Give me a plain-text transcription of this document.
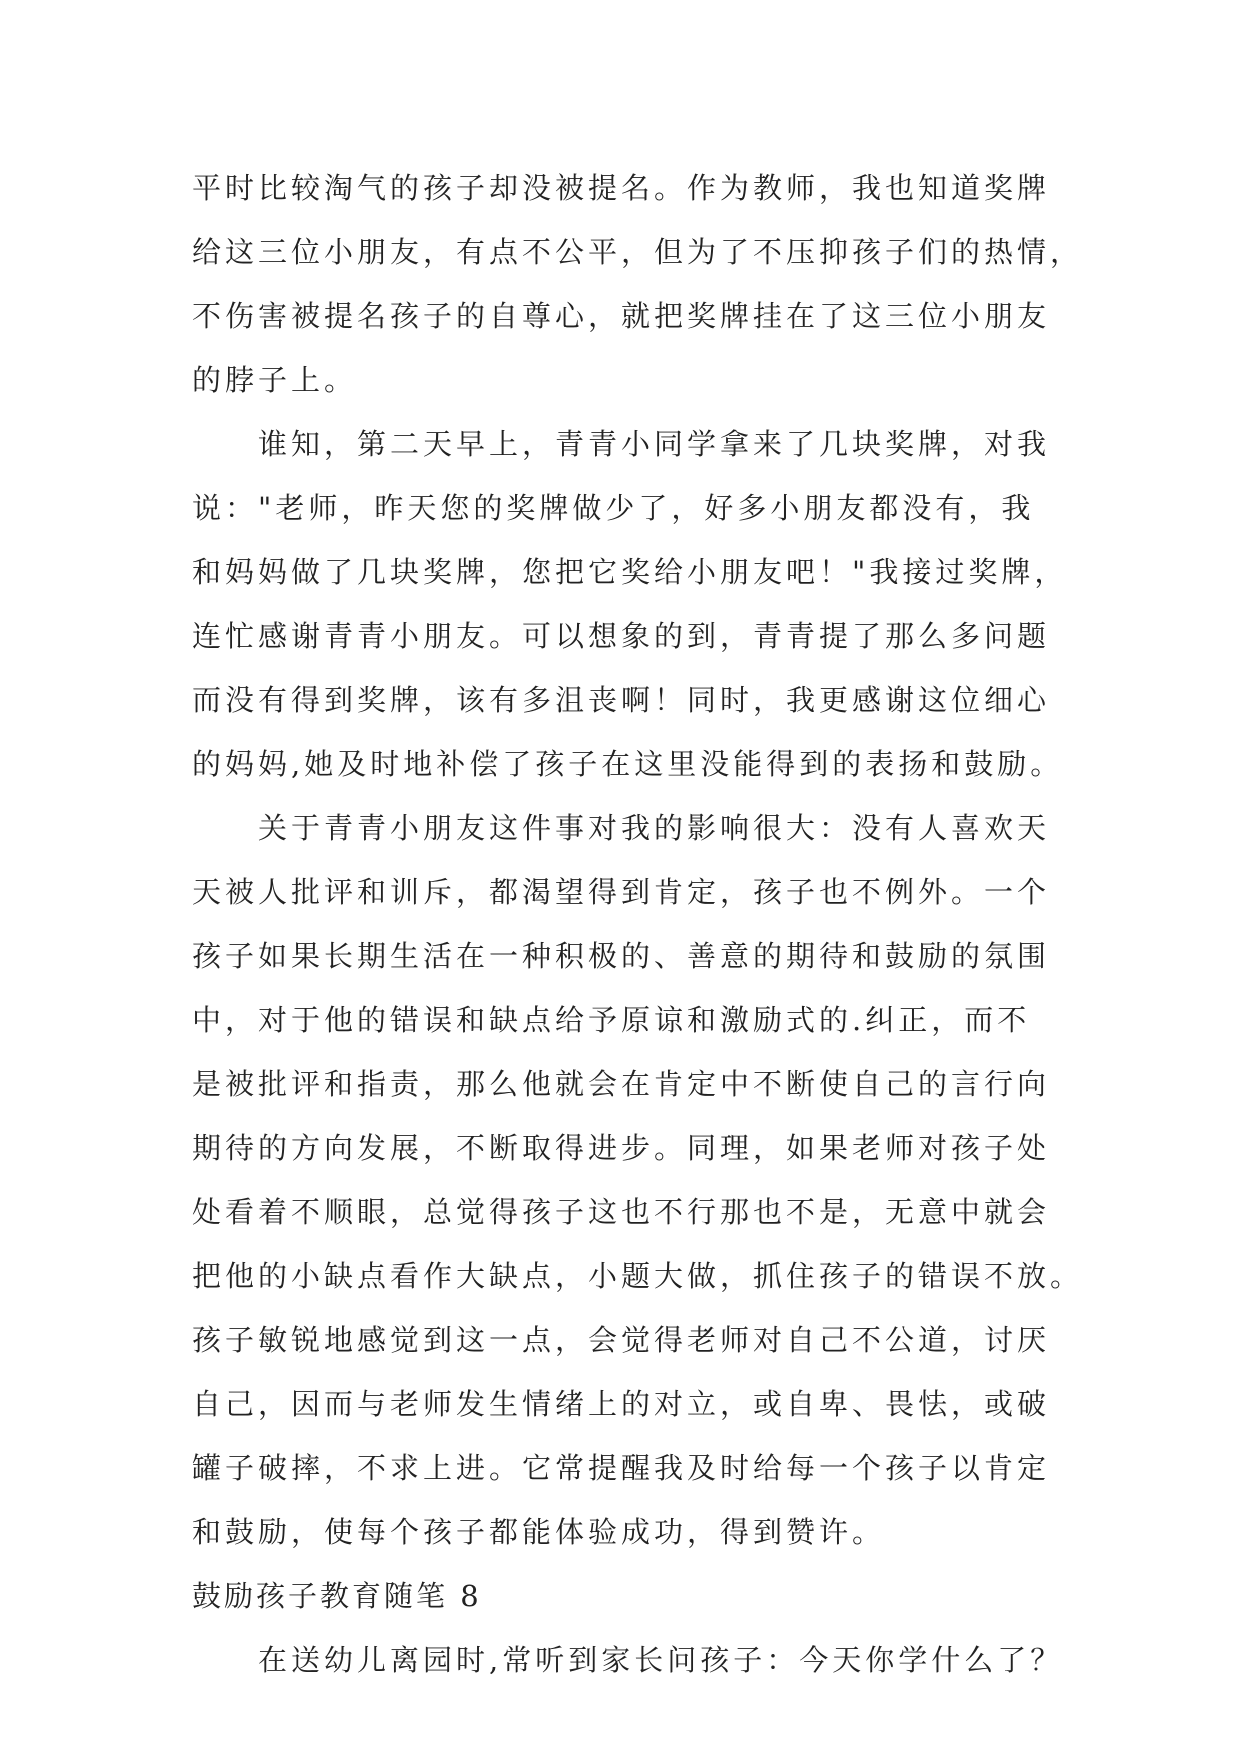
平时比较淘气的孩子却没被提名。作为教师，我也知道奖牌
给这三位小朋友，有点不公平，但为了不压抑孩子们的热情，
不伤害被提名孩子的自尊心，就把奖牌挂在了这三位小朋友
的脖子上。
谁知，第二天早上，青青小同学拿来了几块奖牌，对我
说："老师，昨天您的奖牌做少了，好多小朋友都没有，我
和妈妈做了几块奖牌，您把它奖给小朋友吧！"我接过奖牌，
连忙感谢青青小朋友。可以想象的到，青青提了那么多问题
而没有得到奖牌，该有多沮丧啊！同时，我更感谢这位细心
的妈妈,她及时地补偿了孩子在这里没能得到的表扬和鼓励。
关于青青小朋友这件事对我的影响很大：没有人喜欢天
天被人批评和训斥，都渴望得到肯定，孩子也不例外。一个
孩子如果长期生活在一种积极的、善意的期待和鼓励的氛围
中，对于他的错误和缺点给予原谅和激励式的.纠正，而不
是被批评和指责，那么他就会在肯定中不断使自己的言行向
期待的方向发展，不断取得进步。同理，如果老师对孩子处
处看着不顺眼，总觉得孩子这也不行那也不是，无意中就会
把他的小缺点看作大缺点，小题大做，抓住孩子的错误不放。
孩子敏锐地感觉到这一点，会觉得老师对自己不公道，讨厌
自己，因而与老师发生情绪上的对立，或自卑、畏怯，或破
罐子破摔，不求上进。它常提醒我及时给每一个孩子以肯定
和鼓励，使每个孩子都能体验成功，得到赞许。
鼓励孩子教育随笔 8
在送幼儿离园时,常听到家长问孩子：今天你学什么了？
